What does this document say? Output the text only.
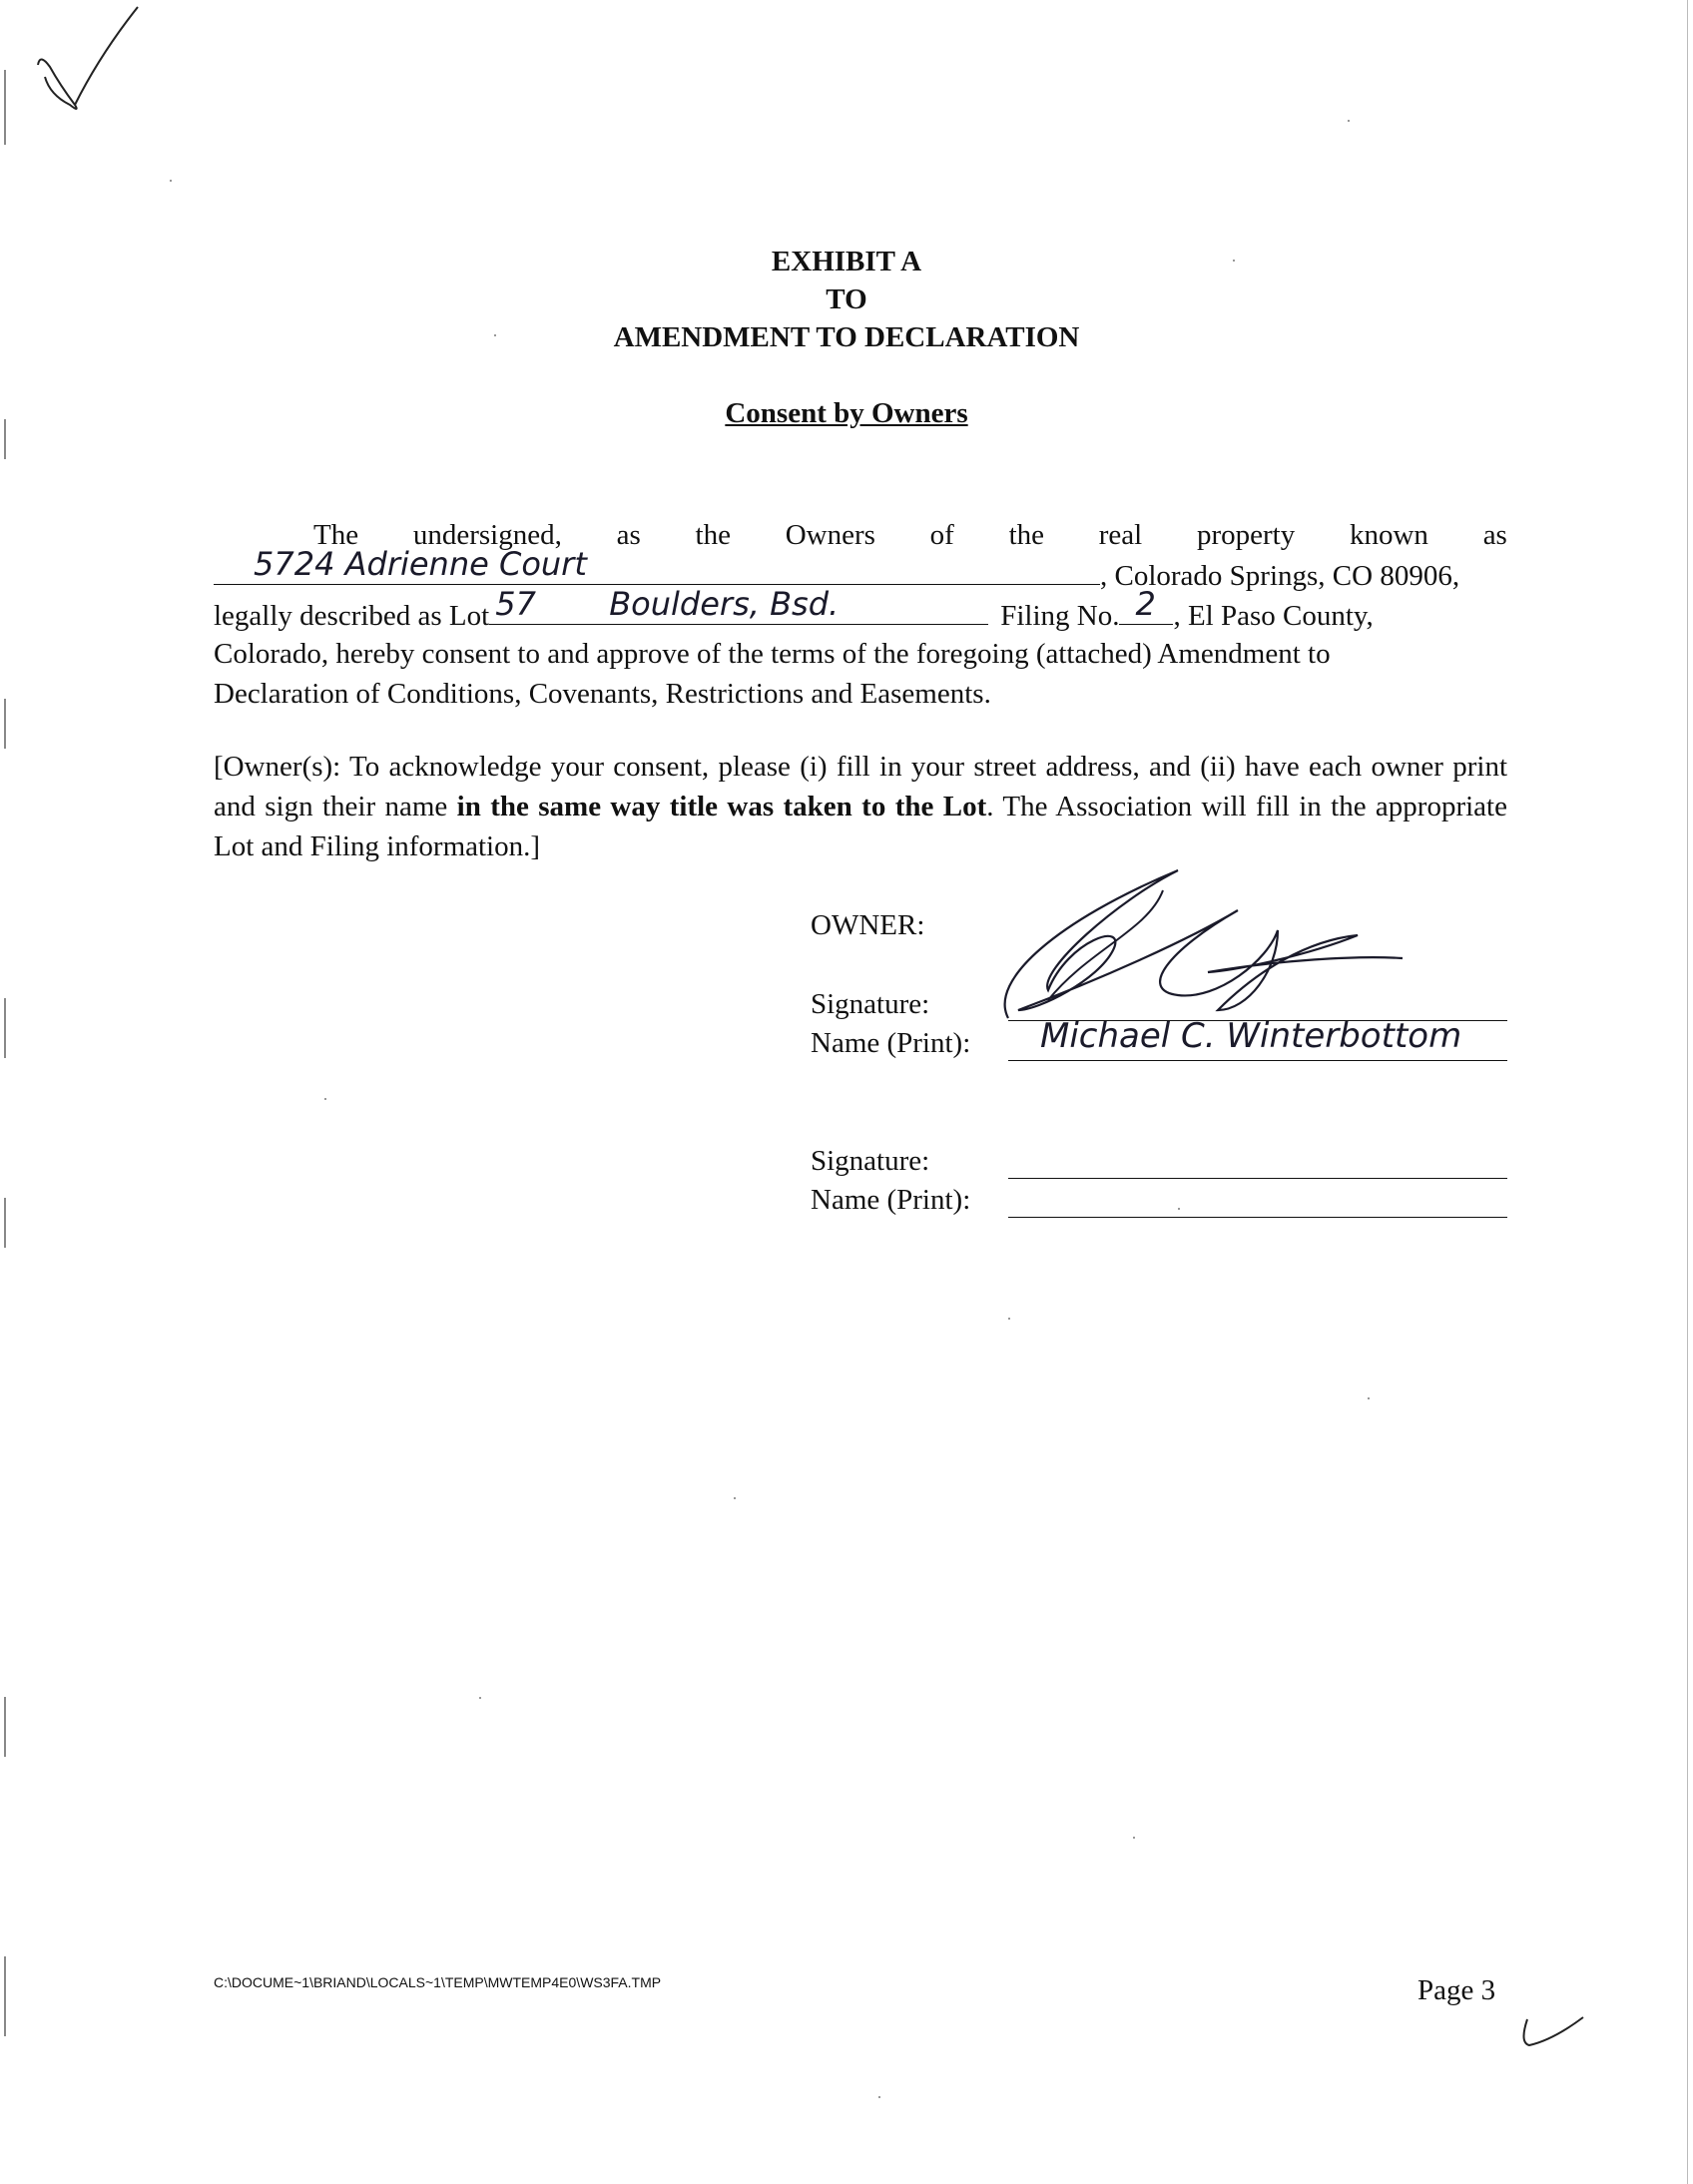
EXHIBIT A
TO
AMENDMENT TO DECLARATION
Consent by Owners
The undersigned, as the Owners of the real property known as
5724 Adrienne Court	, Colorado Springs, CO 80906,
legally described as Lot 57 Boulders, Bsd.	Filing No. 2 , El Paso County,
Colorado, hereby consent to and approve of the terms of the foregoing (attached) Amendment to
Declaration of Conditions, Covenants, Restrictions and Easements.
[Owner(s): To acknowledge your consent, please (i) fill in your street address, and (ii) have each owner print and sign their name in the same way title was taken to the Lot. The Association will fill in the appropriate Lot and Filing information.]
OWNER:
Signature:
Name (Print): Michael C. Winterbottom
Signature:
Name (Print):
C:\DOCUME~1\BRIAND\LOCALS~1\TEMP\MWTEMP4E0\WS3FA.TMP	Page 3
